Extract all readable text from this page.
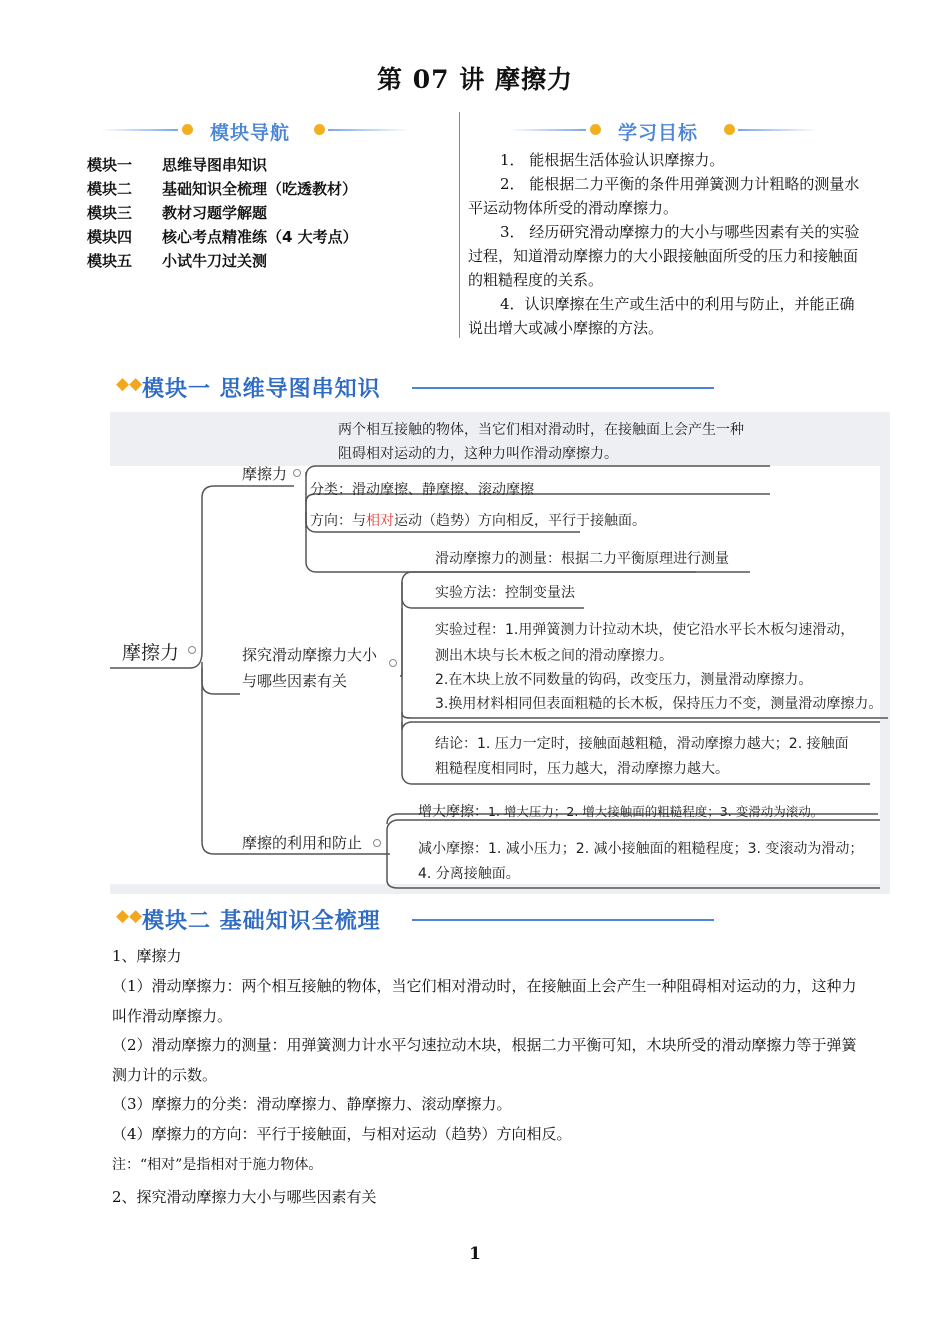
第 07 讲 摩擦力
模块导航	学习目标
模块一 思维导图串知识
模块二 基础知识全梳理（吃透教材）
模块三 教材习题学解题
模块四 核心考点精准练（4 大考点）
模块五 小试牛刀过关测
1． 能根据生活体验认识摩擦力。
2． 能根据二力平衡的条件用弹簧测力计粗略的测量水平运动物体所受的滑动摩擦力。
3． 经历研究滑动摩擦力的大小与哪些因素有关的实验过程，知道滑动摩擦力的大小跟接触面所受的压力和接触面的粗糙程度的关系。
4．认识摩擦在生产或生活中的利用与防止，并能正确说出增大或减小摩擦的方法。
◆◆ 模块一 思维导图串知识
摩擦力
摩擦力
两个相互接触的物体，当它们相对滑动时，在接触面上会产生一种
阻碍相对运动的力，这种力叫作滑动摩擦力。
分类：滑动摩擦、静摩擦、滚动摩擦
方向：与相对运动（趋势）方向相反，平行于接触面。
探究滑动摩擦力大小
与哪些因素有关
滑动摩擦力的测量：根据二力平衡原理进行测量
实验方法：控制变量法
实验过程：1.用弹簧测力计拉动木块，使它沿水平长木板匀速滑动，
测出木块与长木板之间的滑动摩擦力。
2.在木块上放不同数量的钩码，改变压力，测量滑动摩擦力。
3.换用材料相同但表面粗糙的长木板，保持压力不变，测量滑动摩擦力。
结论：1. 压力一定时，接触面越粗糙，滑动摩擦力越大；2. 接触面
粗糙程度相同时，压力越大，滑动摩擦力越大。
摩擦的利用和防止
增大摩擦：1. 增大压力；2. 增大接触面的粗糙程度；3. 变滑动为滚动。
减小摩擦：1. 减小压力；2. 减小接触面的粗糙程度；3. 变滚动为滑动；
4. 分离接触面。
◆◆ 模块二 基础知识全梳理
1、摩擦力
（1）滑动摩擦力：两个相互接触的物体，当它们相对滑动时，在接触面上会产生一种阻碍相对运动的力，这种力叫作滑动摩擦力。
（2）滑动摩擦力的测量：用弹簧测力计水平匀速拉动木块，根据二力平衡可知，木块所受的滑动摩擦力等于弹簧测力计的示数。
（3）摩擦力的分类：滑动摩擦力、静摩擦力、滚动摩擦力。
（4）摩擦力的方向：平行于接触面，与相对运动（趋势）方向相反。
注：“相对”是指相对于施力物体。
2、探究滑动摩擦力大小与哪些因素有关
1
